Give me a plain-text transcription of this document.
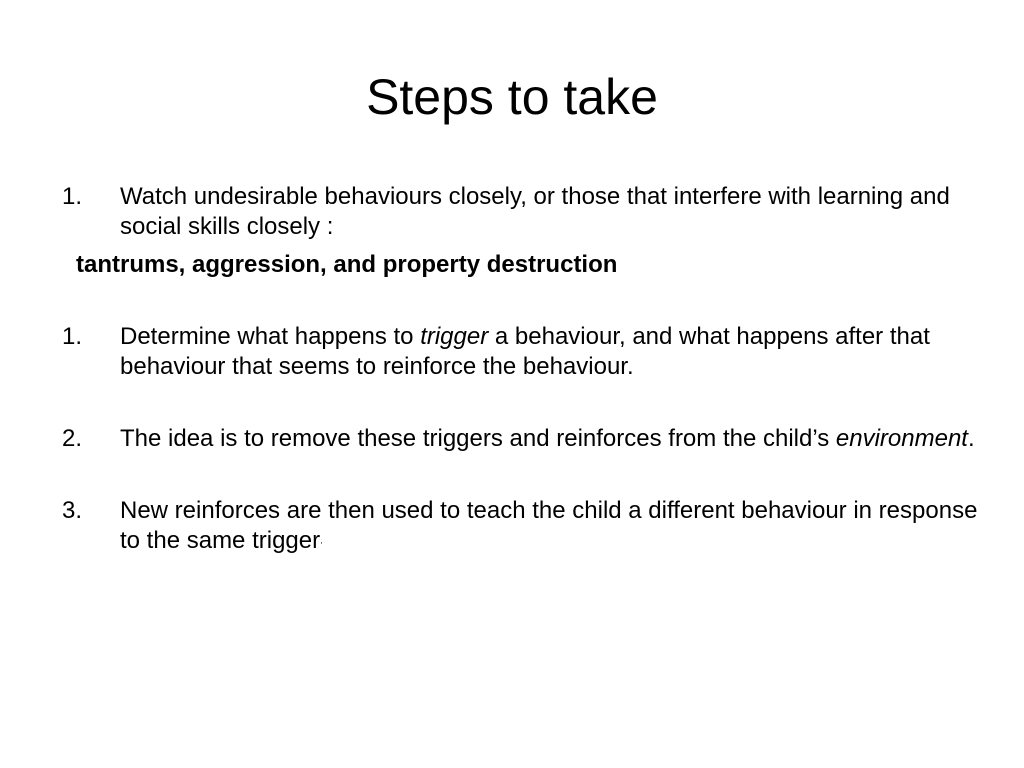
Steps to take
1. Watch undesirable behaviours closely, or those that interfere with learning and social skills closely :
tantrums, aggression, and property destruction
1. Determine what happens to trigger a behaviour, and what happens after that behaviour that seems to reinforce the behaviour.
2. The idea is to remove these triggers and reinforces from the child’s environment.
3. New reinforces are then used to teach the child a different behaviour in response to the same trigger.
